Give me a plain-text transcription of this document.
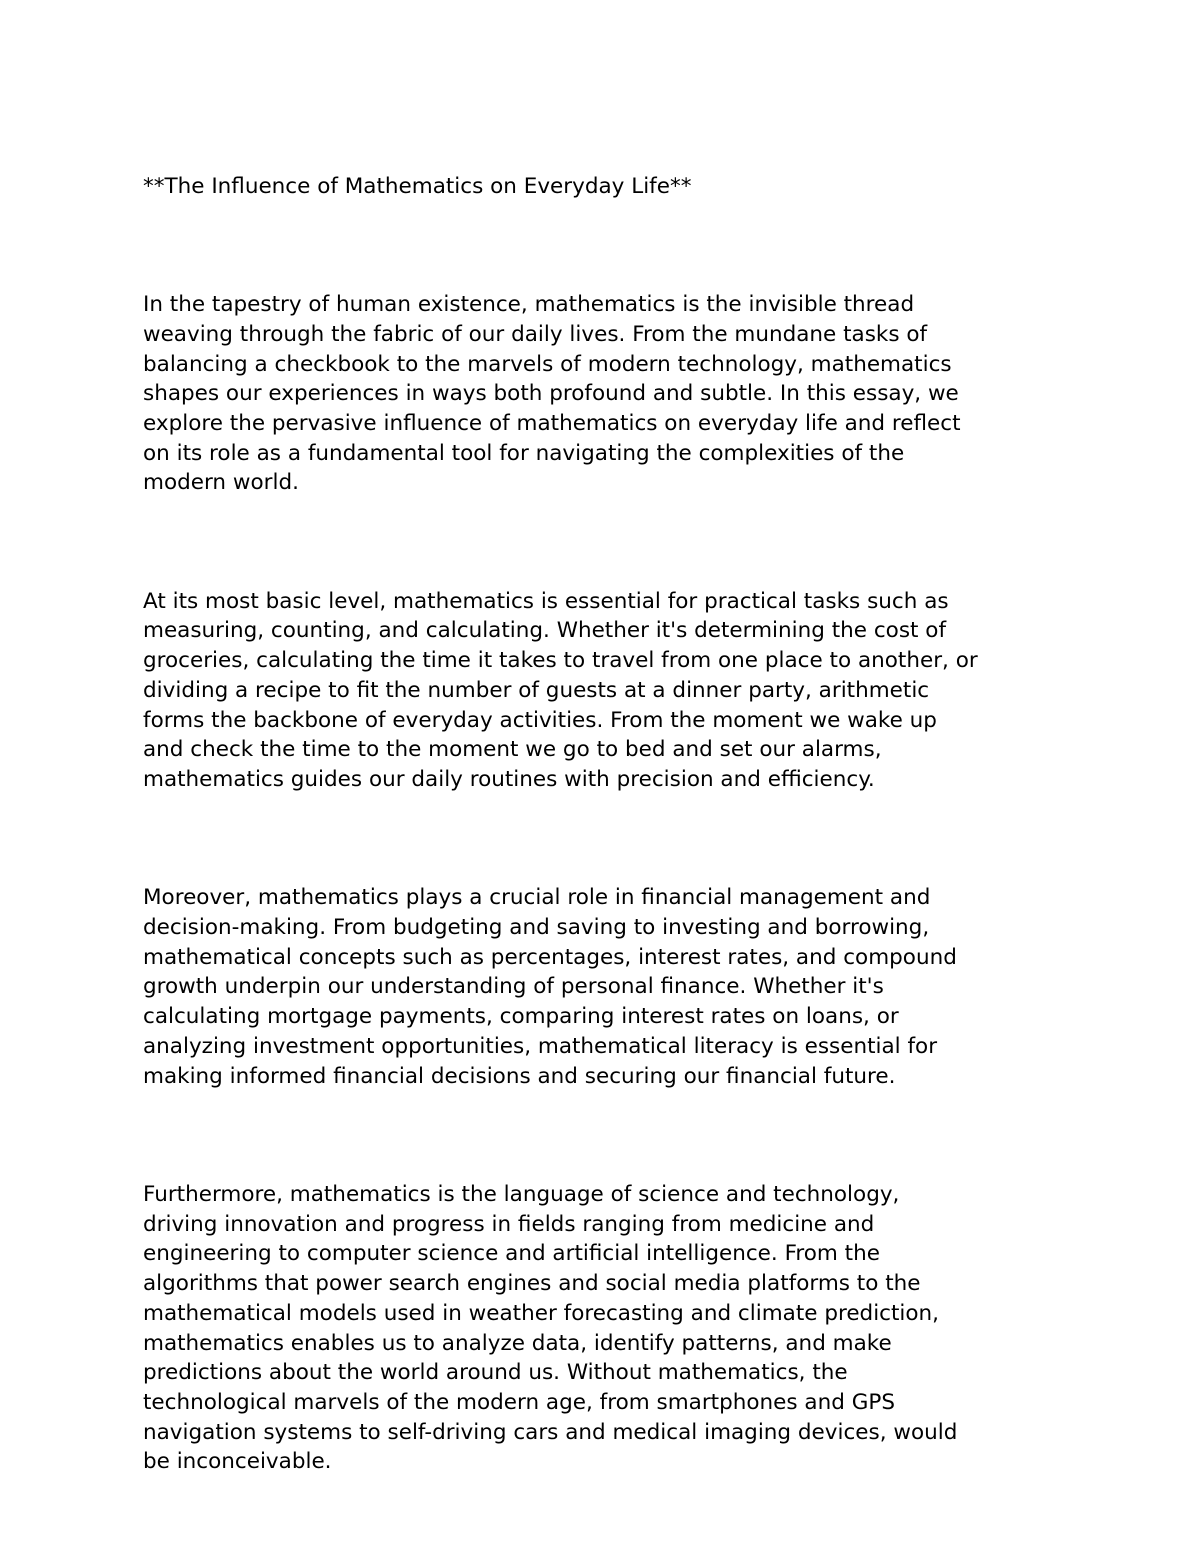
**The Influence of Mathematics on Everyday Life**

In the tapestry of human existence, mathematics is the invisible thread
weaving through the fabric of our daily lives. From the mundane tasks of
balancing a checkbook to the marvels of modern technology, mathematics
shapes our experiences in ways both profound and subtle. In this essay, we
explore the pervasive influence of mathematics on everyday life and reflect
on its role as a fundamental tool for navigating the complexities of the
modern world.

At its most basic level, mathematics is essential for practical tasks such as
measuring, counting, and calculating. Whether it's determining the cost of
groceries, calculating the time it takes to travel from one place to another, or
dividing a recipe to fit the number of guests at a dinner party, arithmetic
forms the backbone of everyday activities. From the moment we wake up
and check the time to the moment we go to bed and set our alarms,
mathematics guides our daily routines with precision and efficiency.

Moreover, mathematics plays a crucial role in financial management and
decision-making. From budgeting and saving to investing and borrowing,
mathematical concepts such as percentages, interest rates, and compound
growth underpin our understanding of personal finance. Whether it's
calculating mortgage payments, comparing interest rates on loans, or
analyzing investment opportunities, mathematical literacy is essential for
making informed financial decisions and securing our financial future.

Furthermore, mathematics is the language of science and technology,
driving innovation and progress in fields ranging from medicine and
engineering to computer science and artificial intelligence. From the
algorithms that power search engines and social media platforms to the
mathematical models used in weather forecasting and climate prediction,
mathematics enables us to analyze data, identify patterns, and make
predictions about the world around us. Without mathematics, the
technological marvels of the modern age, from smartphones and GPS
navigation systems to self-driving cars and medical imaging devices, would
be inconceivable.
